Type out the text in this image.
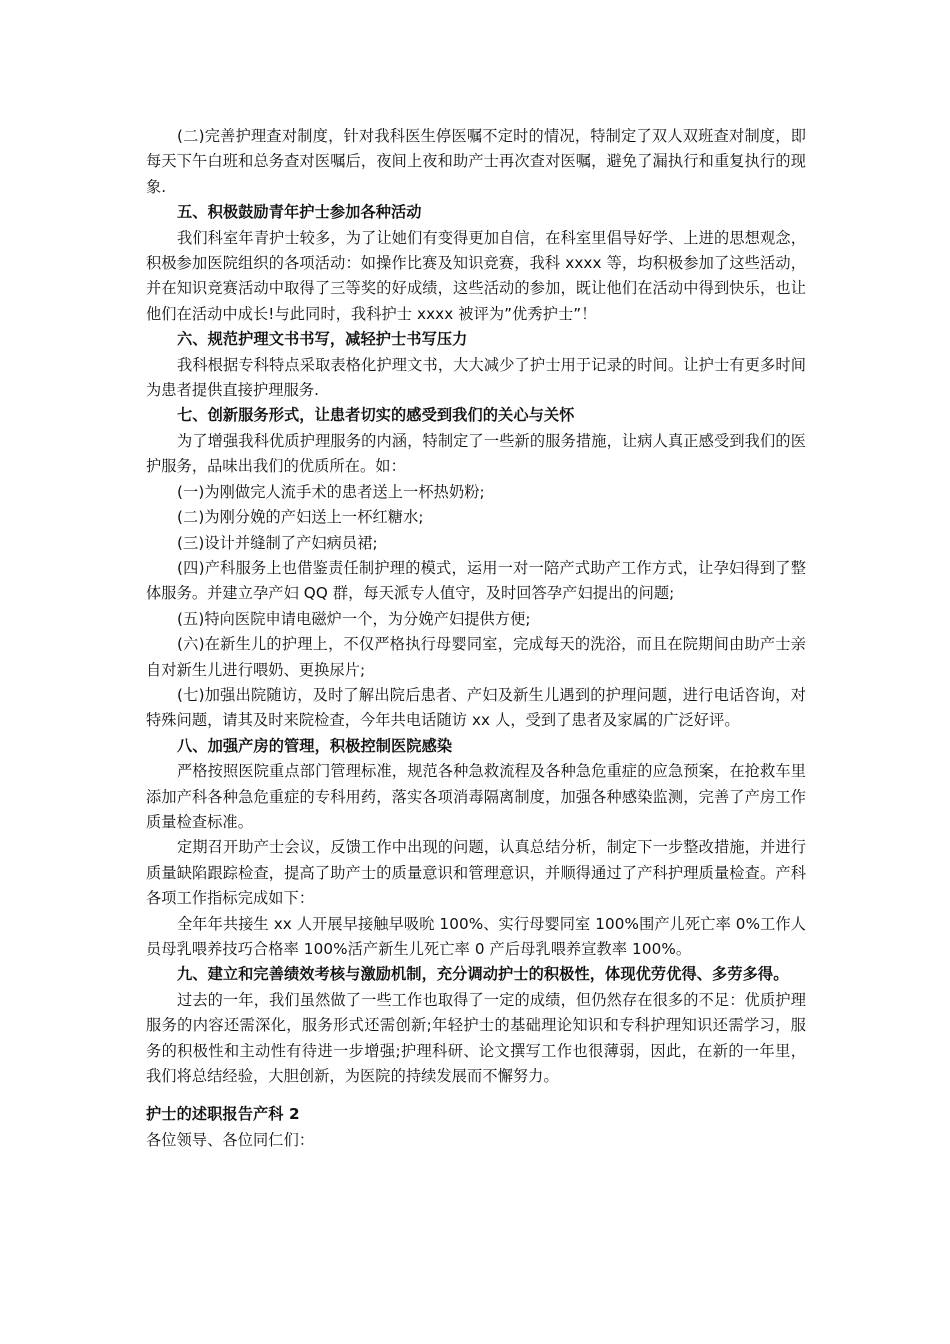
(二)完善护理查对制度，针对我科医生停医嘱不定时的情况，特制定了双人双班查对制度，即每天下午白班和总务查对医嘱后，夜间上夜和助产士再次查对医嘱，避免了漏执行和重复执行的现象.

五、积极鼓励青年护士参加各种活动

我们科室年青护士较多，为了让她们有变得更加自信，在科室里倡导好学、上进的思想观念，积极参加医院组织的各项活动：如操作比赛及知识竞赛，我科 xxxx 等，均积极参加了这些活动，并在知识竞赛活动中取得了三等奖的好成绩，这些活动的参加，既让他们在活动中得到快乐，也让他们在活动中成长!与此同时，我科护士 xxxx 被评为”优秀护士”！

六、规范护理文书书写，减轻护士书写压力

我科根据专科特点采取表格化护理文书，大大减少了护士用于记录的时间。让护士有更多时间为患者提供直接护理服务.

七、创新服务形式，让患者切实的感受到我们的关心与关怀

为了增强我科优质护理服务的内涵，特制定了一些新的服务措施，让病人真正感受到我们的医护服务，品味出我们的优质所在。如：

(一)为刚做完人流手术的患者送上一杯热奶粉;

(二)为刚分娩的产妇送上一杯红糖水;

(三)设计并缝制了产妇病员裙;

(四)产科服务上也借鉴责任制护理的模式，运用一对一陪产式助产工作方式，让孕妇得到了整体服务。并建立孕产妇 QQ 群，每天派专人值守，及时回答孕产妇提出的问题;

(五)特向医院申请电磁炉一个，为分娩产妇提供方便;

(六)在新生儿的护理上，不仅严格执行母婴同室，完成每天的洗浴，而且在院期间由助产士亲自对新生儿进行喂奶、更换尿片;

(七)加强出院随访，及时了解出院后患者、产妇及新生儿遇到的护理问题，进行电话咨询，对特殊问题，请其及时来院检查，今年共电话随访 xx 人，受到了患者及家属的广泛好评。

八、加强产房的管理，积极控制医院感染

严格按照医院重点部门管理标准，规范各种急救流程及各种急危重症的应急预案，在抢救车里添加产科各种急危重症的专科用药，落实各项消毒隔离制度，加强各种感染监测，完善了产房工作质量检查标准。

定期召开助产士会议，反馈工作中出现的问题，认真总结分析，制定下一步整改措施，并进行质量缺陷跟踪检查，提高了助产士的质量意识和管理意识，并顺得通过了产科护理质量检查。产科各项工作指标完成如下：

全年年共接生 xx 人开展早接触早吸吮 100%、实行母婴同室 100%围产儿死亡率 0%工作人员母乳喂养技巧合格率 100%活产新生儿死亡率 0 产后母乳喂养宣教率 100%。

九、建立和完善绩效考核与激励机制，充分调动护士的积极性，体现优劳优得、多劳多得。

过去的一年，我们虽然做了一些工作也取得了一定的成绩，但仍然存在很多的不足：优质护理服务的内容还需深化，服务形式还需创新;年轻护士的基础理论知识和专科护理知识还需学习，服务的积极性和主动性有待进一步增强;护理科研、论文撰写工作也很薄弱，因此，在新的一年里，我们将总结经验，大胆创新，为医院的持续发展而不懈努力。

护士的述职报告产科 2

各位领导、各位同仁们：
